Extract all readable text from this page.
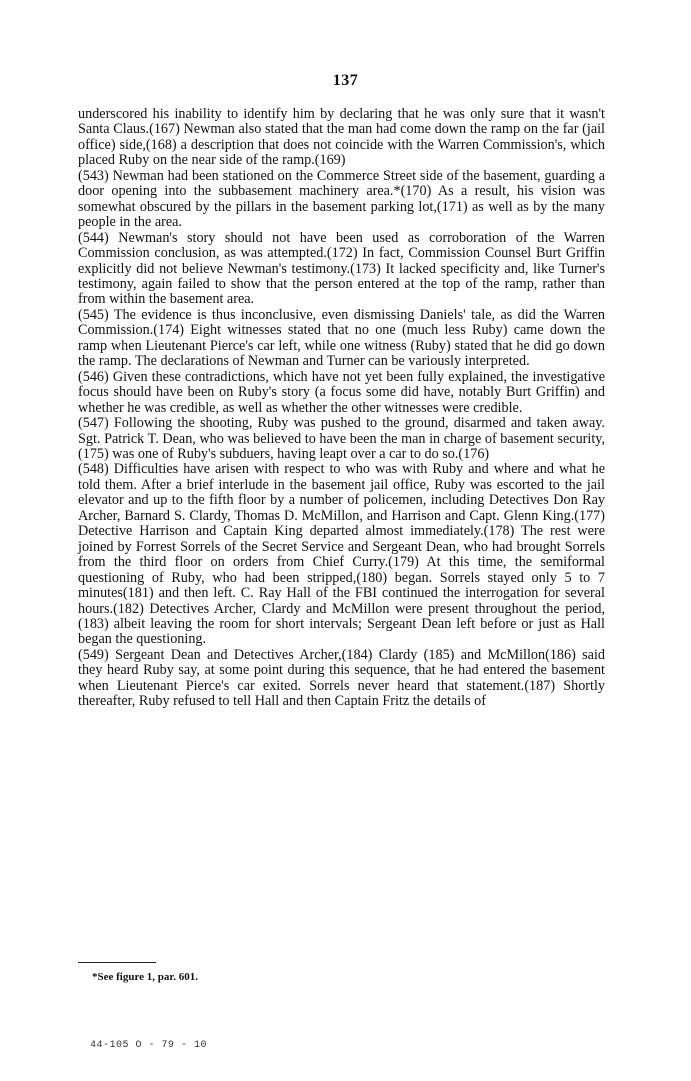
137

underscored his inability to identify him by declaring that he was only sure that it wasn't Santa Claus.(167) Newman also stated that the man had come down the ramp on the far (jail office) side,(168) a description that does not coincide with the Warren Commission's, which placed Ruby on the near side of the ramp.(169)

(543) Newman had been stationed on the Commerce Street side of the basement, guarding a door opening into the subbasement machinery area.*(170) As a result, his vision was somewhat obscured by the pillars in the basement parking lot,(171) as well as by the many people in the area.

(544) Newman's story should not have been used as corroboration of the Warren Commission conclusion, as was attempted.(172) In fact, Commission Counsel Burt Griffin explicitly did not believe Newman's testimony.(173) It lacked specificity and, like Turner's testimony, again failed to show that the person entered at the top of the ramp, rather than from within the basement area.

(545) The evidence is thus inconclusive, even dismissing Daniels' tale, as did the Warren Commission.(174) Eight witnesses stated that no one (much less Ruby) came down the ramp when Lieutenant Pierce's car left, while one witness (Ruby) stated that he did go down the ramp. The declarations of Newman and Turner can be variously interpreted.

(546) Given these contradictions, which have not yet been fully explained, the investigative focus should have been on Ruby's story (a focus some did have, notably Burt Griffin) and whether he was credible, as well as whether the other witnesses were credible.

(547) Following the shooting, Ruby was pushed to the ground, disarmed and taken away. Sgt. Patrick T. Dean, who was believed to have been the man in charge of basement security,(175) was one of Ruby's subduers, having leapt over a car to do so.(176)

(548) Difficulties have arisen with respect to who was with Ruby and where and what he told them. After a brief interlude in the basement jail office, Ruby was escorted to the jail elevator and up to the fifth floor by a number of policemen, including Detectives Don Ray Archer, Barnard S. Clardy, Thomas D. McMillon, and Harrison and Capt. Glenn King.(177) Detective Harrison and Captain King departed almost immediately.(178) The rest were joined by Forrest Sorrels of the Secret Service and Sergeant Dean, who had brought Sorrels from the third floor on orders from Chief Curry.(179) At this time, the semiformal questioning of Ruby, who had been stripped,(180) began. Sorrels stayed only 5 to 7 minutes(181) and then left. C. Ray Hall of the FBI continued the interrogation for several hours.(182) Detectives Archer, Clardy and McMillon were present throughout the period,(183) albeit leaving the room for short intervals; Sergeant Dean left before or just as Hall began the questioning.

(549) Sergeant Dean and Detectives Archer,(184) Clardy (185) and McMillon(186) said they heard Ruby say, at some point during this sequence, that he had entered the basement when Lieutenant Pierce's car exited. Sorrels never heard that statement.(187) Shortly thereafter, Ruby refused to tell Hall and then Captain Fritz the details of

*See figure 1, par. 601.
44-105 O - 79 - 10
